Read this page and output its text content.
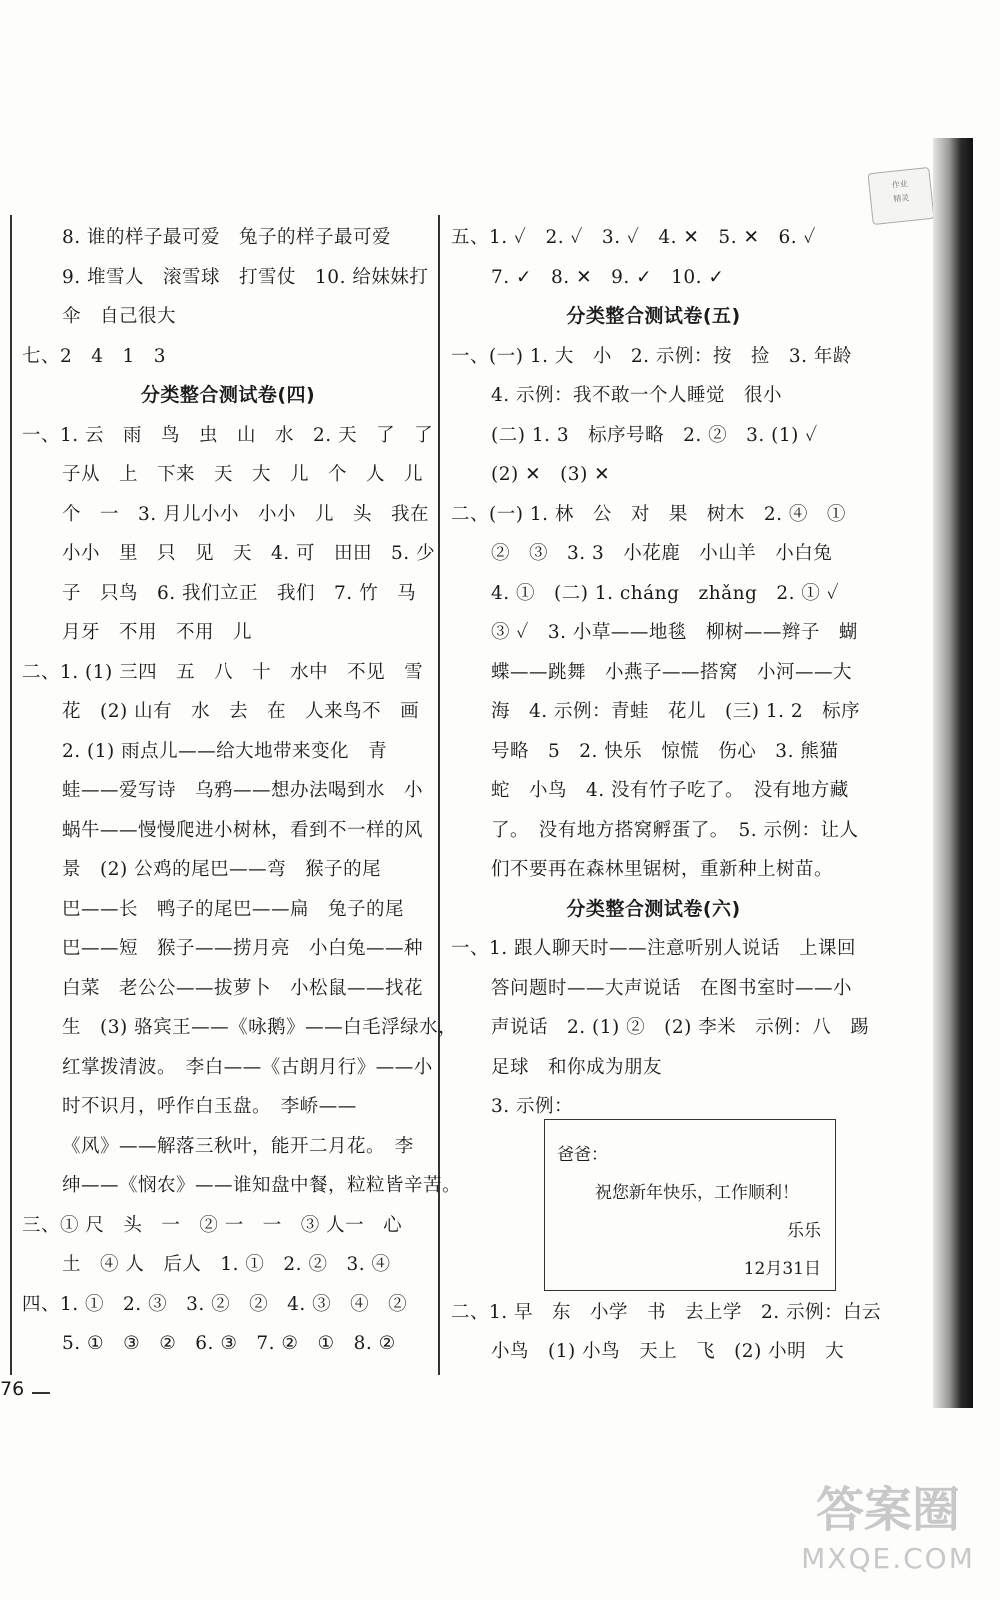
8. 谁的样子最可爱　兔子的样子最可爱
9. 堆雪人　滚雪球　打雪仗　10. 给妹妹打
伞　自己很大
七、2　4　1　3
分类整合测试卷(四)
一、1. 云　雨　鸟　虫　山　水　2. 天　了　了
子从　上　下来　天　大　儿　个　人　儿
个　一　3. 月儿小小　小小　儿　头　我在
小小　里　只　见　天　4. 可　田田　5. 少
子　只鸟　6. 我们立正　我们　7. 竹　马
月牙　不用　不用　儿
二、1. (1) 三四　五　八　十　水中　不见　雪
花　(2) 山有　水　去　在　人来鸟不　画
2. (1) 雨点儿——给大地带来变化　青
蛙——爱写诗　乌鸦——想办法喝到水　小
蜗牛——慢慢爬进小树林，看到不一样的风
景　(2) 公鸡的尾巴——弯　猴子的尾
巴——长　鸭子的尾巴——扁　兔子的尾
巴——短　猴子——捞月亮　小白兔——种
白菜　老公公——拔萝卜　小松鼠——找花
生　(3) 骆宾王——《咏鹅》——白毛浮绿水，
红掌拨清波。　李白——《古朗月行》——小
时不识月，呼作白玉盘。　李峤——
《风》——解落三秋叶，能开二月花。　李
绅——《悯农》——谁知盘中餐，粒粒皆辛苦。
三、① 尺　头　一　② 一　一　③ 人一　心
土　④ 人　后人　1. ①　2. ②　3. ④
四、1. ①　2. ③　3. ②　②　4. ③　④　②
5. ①　③　②　6. ③　7. ②　①　8. ②
五、1. ✓　2. ✓　3. ✓　4. ✕　5. ✕　6. ✓
7. ✓　8. ✕　9. ✓　10. ✓
分类整合测试卷(五)
一、(一) 1. 大　小　2. 示例：按　捡　3. 年龄
4. 示例：我不敢一个人睡觉　很小
(二) 1. 3　标序号略　2. ②　3. (1) ✓
(2) ✕　(3) ✕
二、(一) 1. 林　公　对　果　树木　2. ④　①
②　③　3. 3　小花鹿　小山羊　小白兔
4. ①　(二) 1. cháng　zhǎng　2. ① ✓
③ ✓　3. 小草——地毯　柳树——辫子　蝴
蝶——跳舞　小燕子——搭窝　小河——大
海　4. 示例：青蛙　花儿　(三) 1. 2　标序
号略　5　2. 快乐　惊慌　伤心　3. 熊猫
蛇　小鸟　4. 没有竹子吃了。　没有地方藏
了。　没有地方搭窝孵蛋了。　5. 示例：让人
们不要再在森林里锯树，重新种上树苗。
分类整合测试卷(六)
一、1. 跟人聊天时——注意听别人说话　上课回
答问题时——大声说话　在图书室时——小
声说话　2. (1) ②　(2) 李米　示例：八　踢
足球　和你成为朋友
3. 示例：
二、1. 早　东　小学　书　去上学　2. 示例：白云
小鸟　(1) 小鸟　天上　飞　(2) 小明　大
爸爸：
祝您新年快乐，工作顺利！
乐乐
12月31日
76
作业
精灵
答案圈
MXQE.COM
